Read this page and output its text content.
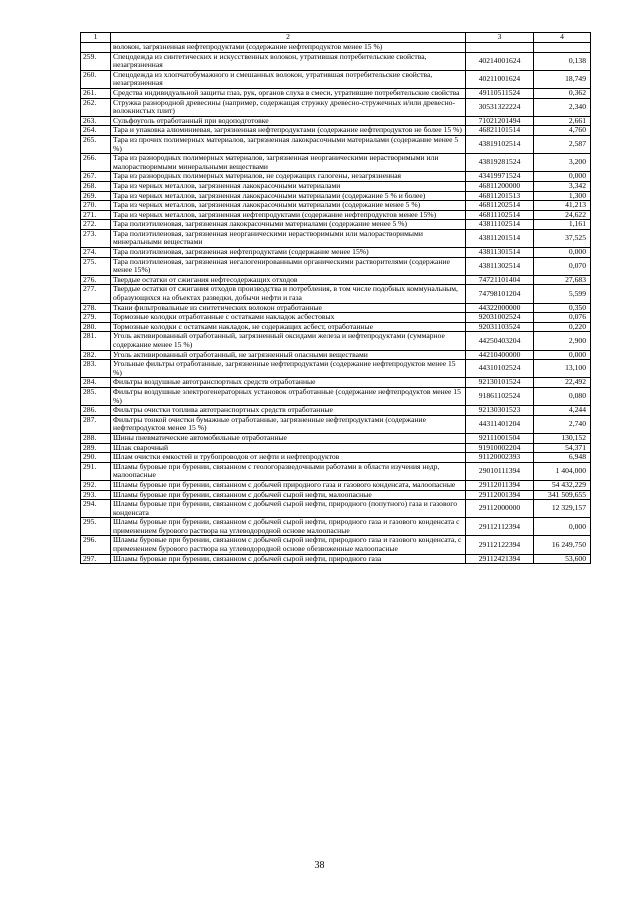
1	2	3	4
	волокон, загрязненная нефтепродуктами (содержание нефтепродуктов менее 15 %)		
259.	Спецодежда из синтетических и искусственных волокон, утратившая потребительские свойства, незагрязненная	40214001624	0,138
260.	Спецодежда из хлопчатобумажного и смешанных волокон, утратившая потребительские свойства, незагрязненная	40211001624	18,749
261.	Средства индивидуальной защиты глаз, рук, органов слуха в смеси, утратившие потребительские свойства	49110511524	0,362
262.	Стружка разнородной древесины (например, содержащая стружку древесно-стружечных и/или древесно-волокнистых плит)	30531322224	2,340
263.	Сульфоуголь отработанный при водоподготовке	71021201494	2,661
264.	Тара и упаковка алюминиевая, загрязненная нефтепродуктами (содержание нефтепродуктов не более 15 %)	46821101514	4,760
265.	Тара из прочих полимерных материалов, загрязненная лакокрасочными материалами (содержание менее 5 %)	43819102514	2,587
266.	Тара из разнородных полимерных материалов, загрязненная неорганическими нерастворимыми или малорастворимыми минеральными веществами	43819281524	3,200
267.	Тара из разнородных полимерных материалов, не содержащих галогены, незагрязненная	43419971524	0,000
268.	Тара из черных металлов, загрязненная лакокрасочными материалами	46811200000	3,342
269.	Тара из черных металлов, загрязненная лакокрасочными материалами (содержание 5 % и более)	46811201513	1,300
270.	Тара из черных металлов, загрязненная лакокрасочными материалами (содержание менее 5 %)	46811202514	41,213
271.	Тара из черных металлов, загрязненная нефтепродуктами (содержание нефтепродуктов менее 15%)	46811102514	24,622
272.	Тара полиэтиленовая, загрязненная лакокрасочными материалами (содержание менее 5 %)	43811102514	1,161
273.	Тара полиэтиленовая, загрязненная неорганическими нерастворимыми или малорастворимыми минеральными веществами	43811201514	37,525
274.	Тара полиэтиленовая, загрязненная нефтепродуктами (содержание менее 15%)	43811301514	0,000
275.	Тара полиэтиленовая, загрязненная негалогенированными органическими растворителями (содержание менее 15%)	43811302514	0,070
276.	Твердые остатки от сжигания нефтесодержащих отходов	74721101404	27,683
277.	Твердые остатки от сжигания отходов производства и потребления, в том числе подобных коммунальным, образующихся на объектах разведки, добычи нефти и газа	74798101204	5,599
278.	Ткани фильтровальные из синтетических волокон отработанные	44322000000	0,350
279.	Тормозные колодки отработанные с остатками накладок асбестовых	92031002524	0,076
280.	Тормозные колодки с остатками накладок, не содержащих асбест, отработанные	92031103524	0,220
281.	Уголь активированный отработанный, загрязненный оксидами железа и нефтепродуктами (суммарное содержание менее 15 %)	44250403204	2,900
282.	Уголь активированный отработанный, не загрязненный опасными веществами	44210400000	0,000
283.	Угольные фильтры отработанные, загрязненные нефтепродуктами (содержание нефтепродуктов менее 15 %)	44310102524	13,100
284.	Фильтры воздушные автотранспортных средств отработанные	92130101524	22,492
285.	Фильтры воздушные электрогенераторных установок отработанные (содержание нефтепродуктов менее 15 %)	91861102524	0,080
286.	Фильтры очистки топлива автотранспортных средств отработанные	92130301523	4,244
287.	Фильтры тонкой очистки бумажные отработанные, загрязненные нефтепродуктами (содержание нефтепродуктов менее 15 %)	44311401204	2,740
288.	Шины пневматические автомобильные отработанные	92111001504	130,152
289.	Шлак сварочный	91910002204	54,371
290.	Шлам очистки емкостей и трубопроводов от нефти и нефтепродуктов	91120002393	6,948
291.	Шламы буровые при бурении, связанном с геологоразведочными работами в области изучения недр, малоопасные	29010111394	1 404,000
292.	Шламы буровые при бурении, связанном с добычей природного газа и газового конденсата, малоопасные	29112011394	54 432,229
293.	Шламы буровые при бурении, связанном с добычей сырой нефти, малоопасные	29112001394	341 509,655
294.	Шламы буровые при бурении, связанном с добычей сырой нефти, природного (попутного) газа и газового конденсата	29112000000	12 329,157
295.	Шламы буровые при бурении, связанном с добычей сырой нефти, природного газа и газового конденсата с применением бурового раствора на углеводородной основе малоопасные	29112112394	0,000
296.	Шламы буровые при бурении, связанном с добычей сырой нефти, природного газа и газового конденсата, с применением бурового раствора на углеводородной основе обезвоженные малоопасные	29112122394	16 249,750
297.	Шламы буровые при бурении, связанном с добычей сырой нефти, природного газа	29112421394	53,600
38
